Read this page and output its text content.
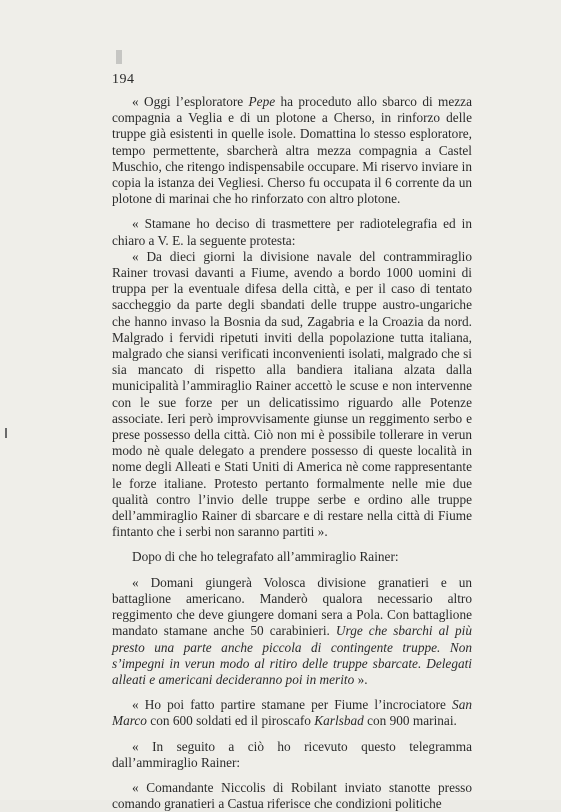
194

« Oggi l’esploratore Pepe ha proceduto allo sbarco di mezza compagnia a Veglia e di un plotone a Cherso, in rinforzo delle truppe già esistenti in quelle isole. Domattina lo stesso esploratore, tempo permettente, sbarcherà altra mezza compagnia a Castel Muschio, che ritengo indispensabile occupare. Mi riservo inviare in copia la istanza dei Vegliesi. Cherso fu occupata il 6 corrente da un plotone di marinai che ho rinforzato con altro plotone.

« Stamane ho deciso di trasmettere per radiotelegrafia ed in chiaro a V. E. la seguente protesta:

« Da dieci giorni la divisione navale del contrammiraglio Rainer trovasi davanti a Fiume, avendo a bordo 1000 uomini di truppa per la eventuale difesa della città, e per il caso di tentato saccheggio da parte degli sbandati delle truppe austro-ungariche che hanno invaso la Bosnia da sud, Zagabria e la Croazia da nord. Malgrado i fervidi ripetuti inviti della popolazione tutta italiana, malgrado che siansi verificati inconvenienti isolati, malgrado che si sia mancato di rispetto alla bandiera italiana alzata dalla municipalità l’ammiraglio Rainer accettò le scuse e non intervenne con le sue forze per un delicatissimo riguardo alle Potenze associate. Ieri però improvvisamente giunse un reggimento serbo e prese possesso della città. Ciò non mi è possibile tollerare in verun modo nè quale delegato a prendere possesso di queste località in nome degli Alleati e Stati Uniti di America nè come rappresentante le forze italiane. Protesto pertanto formalmente nelle mie due qualità contro l’invio delle truppe serbe e ordino alle truppe dell’ammiraglio Rainer di sbarcare e di restare nella città di Fiume fintanto che i serbi non saranno partiti ».

Dopo di che ho telegrafato all’ammiraglio Rainer:

« Domani giungerà Volosca divisione granatieri e un battaglione americano. Manderò qualora necessario altro reggimento che deve giungere domani sera a Pola. Con battaglione mandato stamane anche 50 carabinieri. Urge che sbarchi al più presto una parte anche piccola di contingente truppe. Non s’impegni in verun modo al ritiro delle truppe sbarcate. Delegati alleati e americani decideranno poi in merito ».

« Ho poi fatto partire stamane per Fiume l’incrociatore San Marco con 600 soldati ed il piroscafo Karlsbad con 900 marinai.

« In seguito a ciò ho ricevuto questo telegramma dall’ammiraglio Rainer:

« Comandante Niccolis di Robilant inviato stanotte presso comando granatieri a Castua riferisce che condizioni politiche
